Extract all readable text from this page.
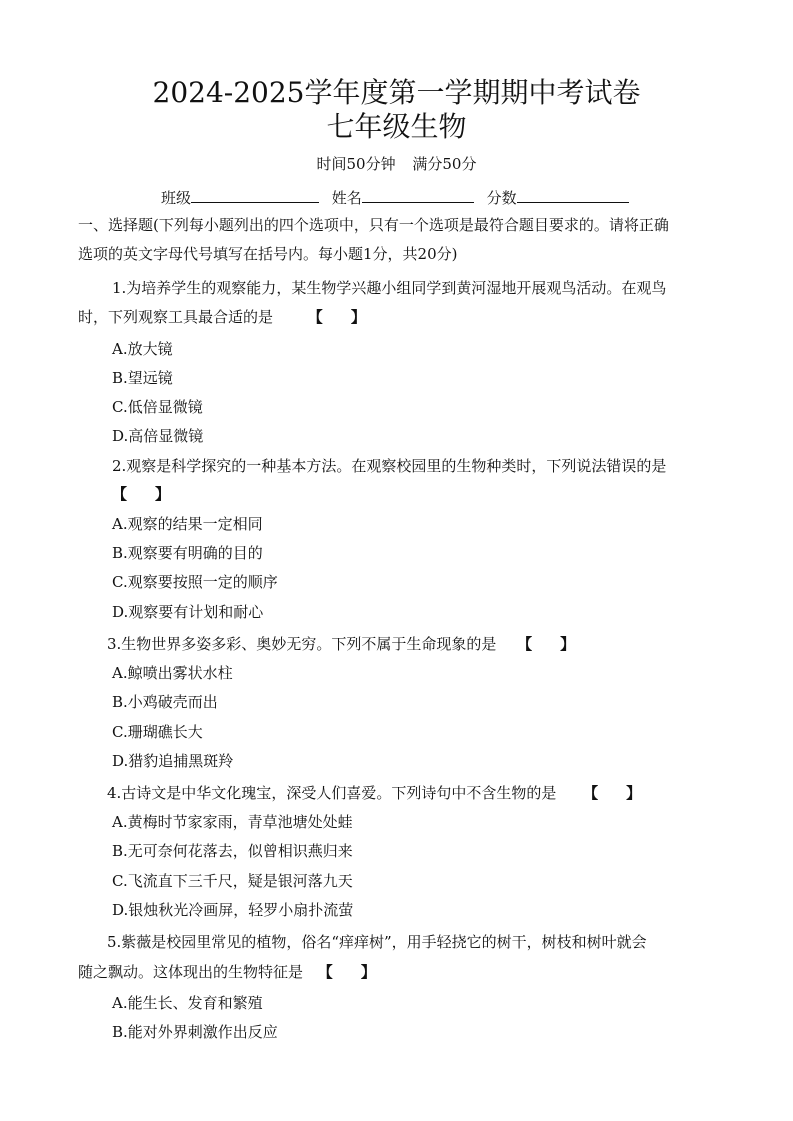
2024-2025学年度第一学期期中考试卷
七年级生物
时间50分钟 满分50分
班级	姓名	分数
一、选择题(下列每小题列出的四个选项中，只有一个选项是最符合题目要求的。请将正确
选项的英文字母代号填写在括号内。每小题1分，共20分)
1.为培养学生的观察能力，某生物学兴趣小组同学到黄河湿地开展观鸟活动。在观鸟
时，下列观察工具最合适的是 【 】
A.放大镜
B.望远镜
C.低倍显微镜
D.高倍显微镜
2.观察是科学探究的一种基本方法。在观察校园里的生物种类时，下列说法错误的是
【 】
A.观察的结果一定相同
B.观察要有明确的目的
C.观察要按照一定的顺序
D.观察要有计划和耐心
3.生物世界多姿多彩、奥妙无穷。下列不属于生命现象的是 【 】
A.鲸喷出雾状水柱
B.小鸡破壳而出
C.珊瑚礁长大
D.猎豹追捕黑斑羚
4.古诗文是中华文化瑰宝，深受人们喜爱。下列诗句中不含生物的是 【 】
A.黄梅时节家家雨，青草池塘处处蛙
B.无可奈何花落去，似曾相识燕归来
C.飞流直下三千尺，疑是银河落九天
D.银烛秋光冷画屏，轻罗小扇扑流萤
5.紫薇是校园里常见的植物，俗名“痒痒树”，用手轻挠它的树干，树枝和树叶就会
随之飘动。这体现出的生物特征是 【 】
A.能生长、发育和繁殖
B.能对外界刺激作出反应
